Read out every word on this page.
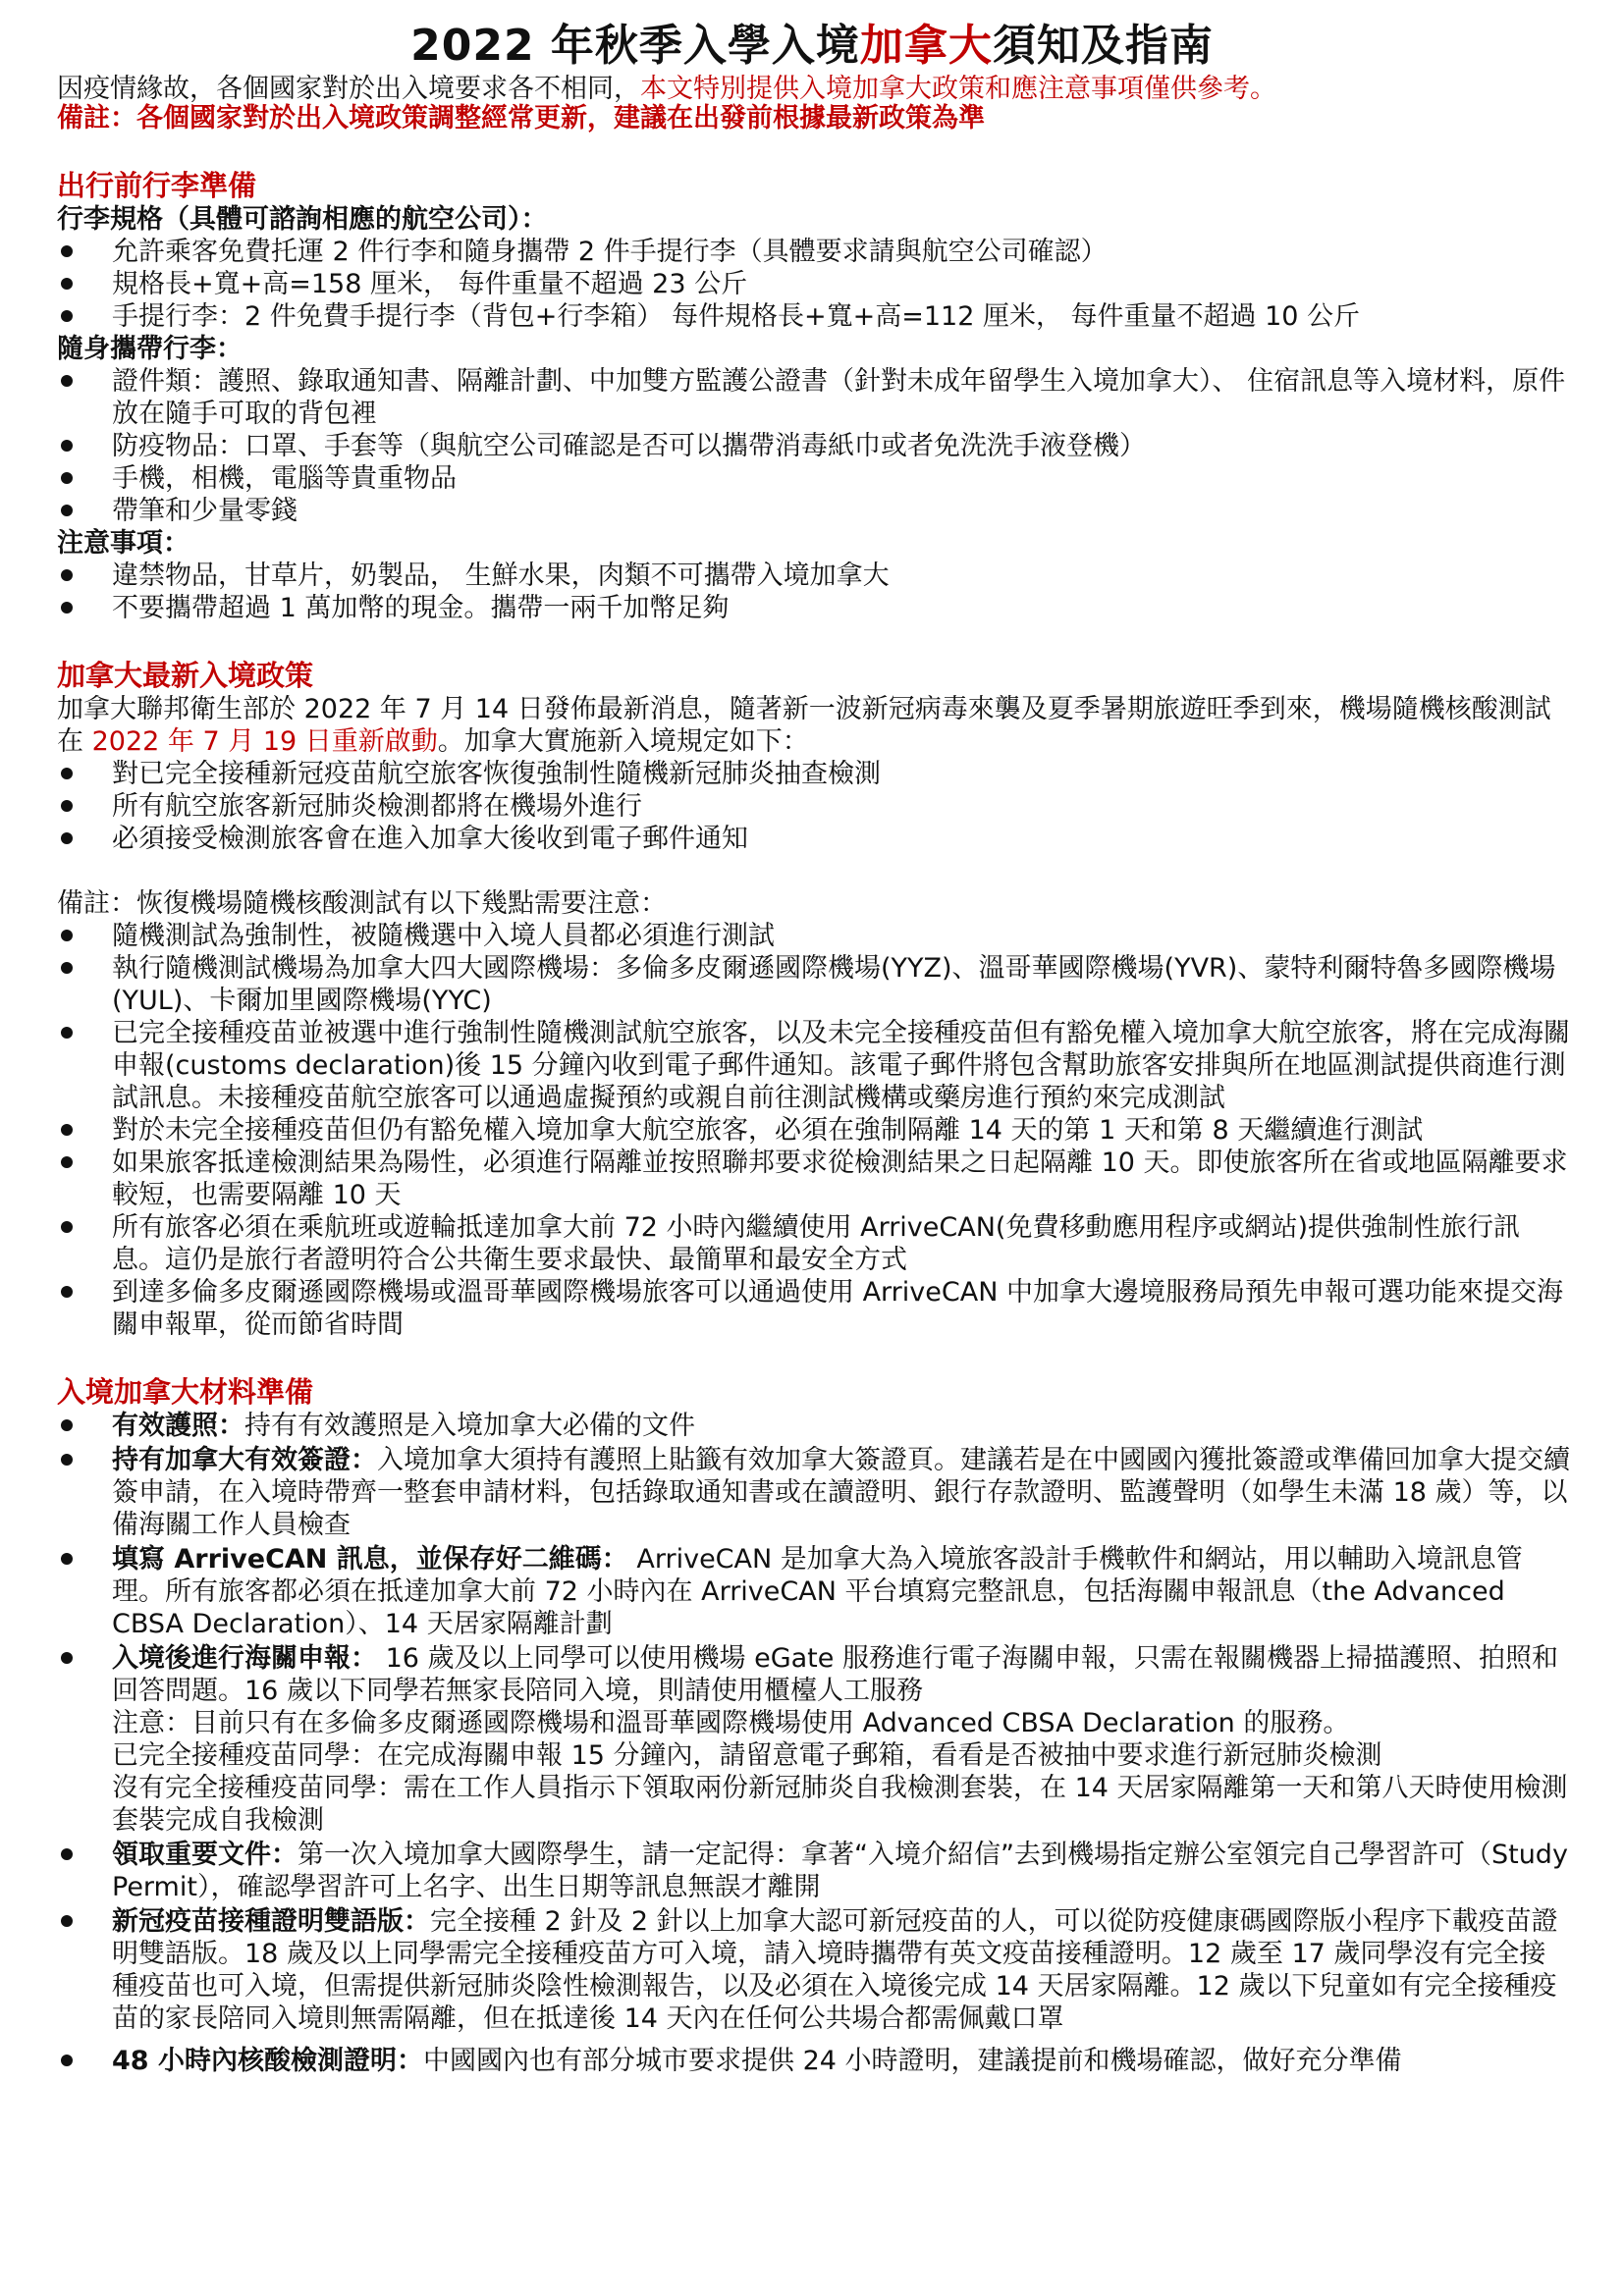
2022 年秋季入學入境加拿大須知及指南

因疫情緣故，各個國家對於出入境要求各不相同，本文特別提供入境加拿大政策和應注意事項僅供參考。

備註：各個國家對於出入境政策調整經常更新，建議在出發前根據最新政策為準

出行前行李準備

行李規格（具體可諮詢相應的航空公司）：

允許乘客免費托運 2 件行李和隨身攜帶 2 件手提行李（具體要求請與航空公司確認）
規格長+寬+高=158 厘米， 每件重量不超過 23 公斤
手提行李：2 件免費手提行李（背包+行李箱） 每件規格長+寬+高=112 厘米， 每件重量不超過 10 公斤

隨身攜帶行李：

證件類：護照、錄取通知書、隔離計劃、中加雙方監護公證書（針對未成年留學生入境加拿大）、 住宿訊息等入境材料，原件放在隨手可取的背包裡
防疫物品：口罩、手套等（與航空公司確認是否可以攜帶消毒紙巾或者免洗洗手液登機）
手機，相機，電腦等貴重物品
帶筆和少量零錢

注意事項：

違禁物品，甘草片，奶製品， 生鮮水果，肉類不可攜帶入境加拿大
不要攜帶超過 1 萬加幣的現金。攜帶一兩千加幣足夠
加拿大最新入境政策

加拿大聯邦衛生部於 2022 年 7 月 14 日發佈最新消息，隨著新一波新冠病毒來襲及夏季暑期旅遊旺季到來，機場隨機核酸測試在 2022 年 7 月 19 日重新啟動。加拿大實施新入境規定如下：

對已完全接種新冠疫苗航空旅客恢復強制性隨機新冠肺炎抽查檢測
所有航空旅客新冠肺炎檢測都將在機場外進行
必須接受檢測旅客會在進入加拿大後收到電子郵件通知

備註：恢復機場隨機核酸測試有以下幾點需要注意：

隨機測試為強制性，被隨機選中入境人員都必須進行測試
執行隨機測試機場為加拿大四大國際機場：多倫多皮爾遜國際機場(YYZ)、溫哥華國際機場(YVR)、蒙特利爾特魯多國際機場(YUL)、卡爾加里國際機場(YYC)
已完全接種疫苗並被選中進行強制性隨機測試航空旅客，以及未完全接種疫苗但有豁免權入境加拿大航空旅客，將在完成海關申報(customs declaration)後 15 分鐘內收到電子郵件通知。該電子郵件將包含幫助旅客安排與所在地區測試提供商進行測試訊息。未接種疫苗航空旅客可以通過虛擬預約或親自前往測試機構或藥房進行預約來完成測試
對於未完全接種疫苗但仍有豁免權入境加拿大航空旅客，必須在強制隔離 14 天的第 1 天和第 8 天繼續進行測試
如果旅客抵達檢測結果為陽性，必須進行隔離並按照聯邦要求從檢測結果之日起隔離 10 天。即使旅客所在省或地區隔離要求較短，也需要隔離 10 天
所有旅客必須在乘航班或遊輪抵達加拿大前 72 小時內繼續使用 ArriveCAN(免費移動應用程序或網站)提供強制性旅行訊息。這仍是旅行者證明符合公共衛生要求最快、最簡單和最安全方式
到達多倫多皮爾遜國際機場或溫哥華國際機場旅客可以通過使用 ArriveCAN 中加拿大邊境服務局預先申報可選功能來提交海關申報單，從而節省時間
入境加拿大材料準備
有效護照：持有有效護照是入境加拿大必備的文件
持有加拿大有效簽證：入境加拿大須持有護照上貼籤有效加拿大簽證頁。建議若是在中國國內獲批簽證或準備回加拿大提交續簽申請，在入境時帶齊一整套申請材料，包括錄取通知書或在讀證明、銀行存款證明、監護聲明（如學生未滿 18 歲）等，以備海關工作人員檢查
填寫 ArriveCAN 訊息，並保存好二維碼： ArriveCAN 是加拿大為入境旅客設計手機軟件和網站，用以輔助入境訊息管理。所有旅客都必須在抵達加拿大前 72 小時內在 ArriveCAN 平台填寫完整訊息，包括海關申報訊息（the Advanced CBSA Declaration）、14 天居家隔離計劃
入境後進行海關申報： 16 歲及以上同學可以使用機場 eGate 服務進行電子海關申報，只需在報關機器上掃描護照、拍照和回答問題。16 歲以下同學若無家長陪同入境，則請使用櫃檯人工服務
注意：目前只有在多倫多皮爾遜國際機場和溫哥華國際機場使用 Advanced CBSA Declaration 的服務。
已完全接種疫苗同學：在完成海關申報 15 分鐘內，請留意電子郵箱，看看是否被抽中要求進行新冠肺炎檢測
沒有完全接種疫苗同學：需在工作人員指示下領取兩份新冠肺炎自我檢測套裝，在 14 天居家隔離第一天和第八天時使用檢測套裝完成自我檢測
領取重要文件：第一次入境加拿大國際學生，請一定記得：拿著“入境介紹信”去到機場指定辦公室領完自己學習許可（Study Permit），確認學習許可上名字、出生日期等訊息無誤才離開
新冠疫苗接種證明雙語版：完全接種 2 針及 2 針以上加拿大認可新冠疫苗的人，可以從防疫健康碼國際版小程序下載疫苗證明雙語版。18 歲及以上同學需完全接種疫苗方可入境，請入境時攜帶有英文疫苗接種證明。12 歲至 17 歲同學沒有完全接種疫苗也可入境，但需提供新冠肺炎陰性檢測報告，以及必須在入境後完成 14 天居家隔離。12 歲以下兒童如有完全接種疫苗的家長陪同入境則無需隔離，但在抵達後 14 天內在任何公共場合都需佩戴口罩
48 小時內核酸檢測證明：中國國內也有部分城市要求提供 24 小時證明，建議提前和機場確認，做好充分準備
